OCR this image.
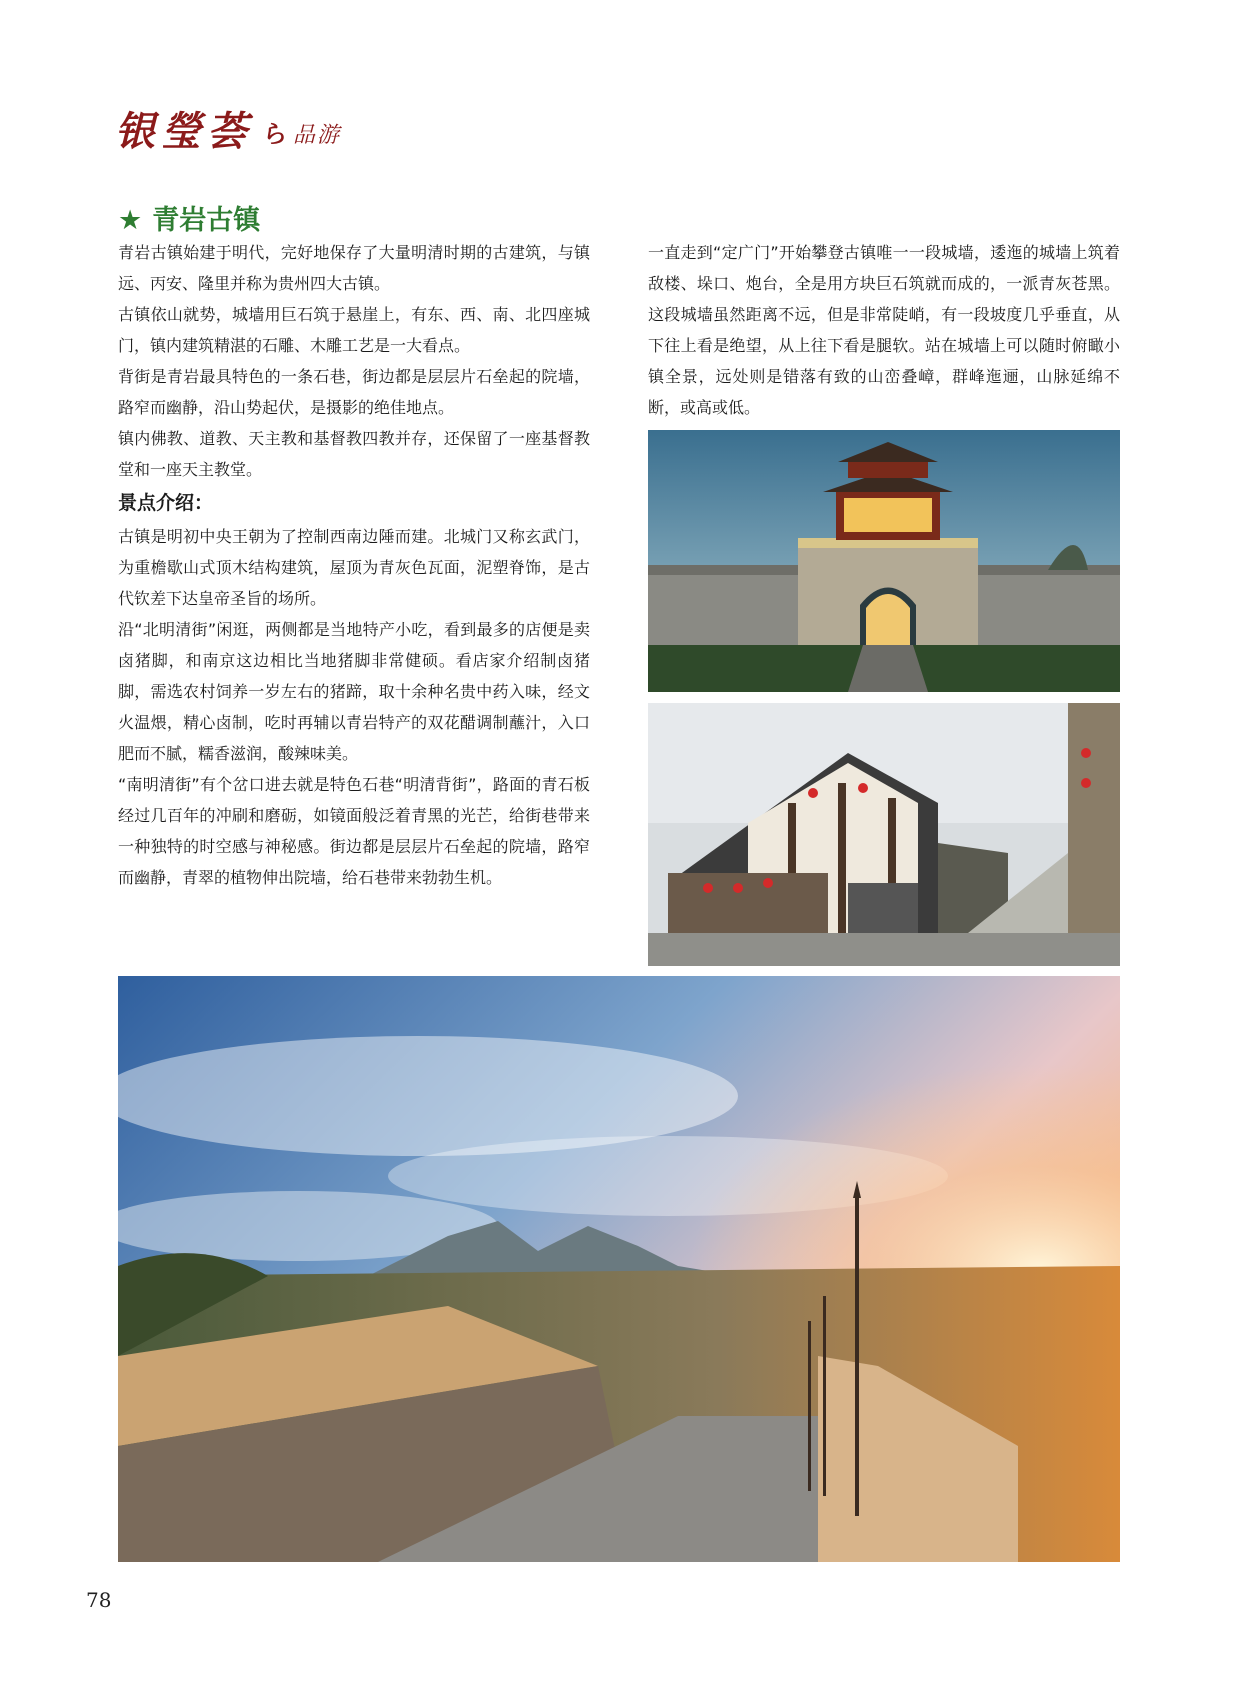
银瑩荟 ら 品游
★ 青岩古镇

青岩古镇始建于明代，完好地保存了大量明清时期的古建筑，与镇远、丙安、隆里并称为贵州四大古镇。

古镇依山就势，城墙用巨石筑于悬崖上，有东、西、南、北四座城门，镇内建筑精湛的石雕、木雕工艺是一大看点。

背街是青岩最具特色的一条石巷，街边都是层层片石垒起的院墙，路窄而幽静，沿山势起伏，是摄影的绝佳地点。

镇内佛教、道教、天主教和基督教四教并存，还保留了一座基督教堂和一座天主教堂。

景点介绍：

古镇是明初中央王朝为了控制西南边陲而建。北城门又称玄武门，为重檐歇山式顶木结构建筑，屋顶为青灰色瓦面，泥塑脊饰，是古代钦差下达皇帝圣旨的场所。

沿“北明清街”闲逛，两侧都是当地特产小吃，看到最多的店便是卖卤猪脚，和南京这边相比当地猪脚非常健硕。看店家介绍制卤猪脚，需选农村饲养一岁左右的猪蹄，取十余种名贵中药入味，经文火温煨，精心卤制，吃时再辅以青岩特产的双花醋调制蘸汁，入口肥而不腻，糯香滋润，酸辣味美。

“南明清街”有个岔口进去就是特色石巷“明清背街”，路面的青石板经过几百年的冲刷和磨砺，如镜面般泛着青黑的光芒，给街巷带来一种独特的时空感与神秘感。街边都是层层片石垒起的院墙，路窄而幽静，青翠的植物伸出院墙，给石巷带来勃勃生机。

一直走到“定广门”开始攀登古镇唯一一段城墙，逶迤的城墙上筑着敌楼、垛口、炮台，全是用方块巨石筑就而成的，一派青灰苍黑。这段城墙虽然距离不远，但是非常陡峭，有一段坡度几乎垂直，从下往上看是绝望，从上往下看是腿软。站在城墙上可以随时俯瞰小镇全景，远处则是错落有致的山峦叠嶂，群峰迤逦，山脉延绵不断，或高或低。

78
